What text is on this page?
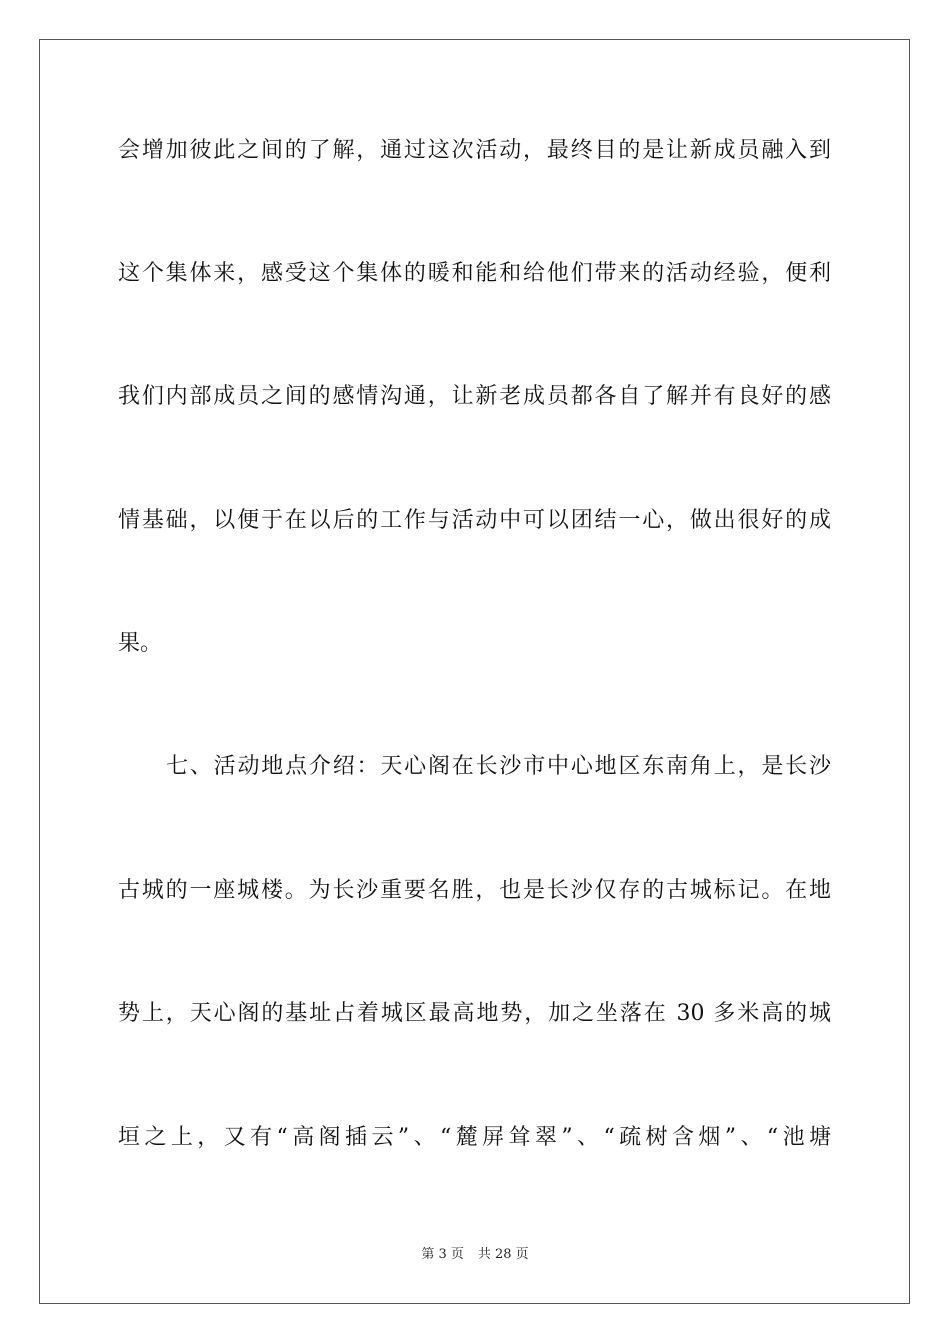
会增加彼此之间的了解，通过这次活动，最终目的是让新成员融入到
这个集体来，感受这个集体的暖和能和给他们带来的活动经验，便利
我们内部成员之间的感情沟通，让新老成员都各自了解并有良好的感
情基础，以便于在以后的工作与活动中可以团结一心，做出很好的成
果。
七、活动地点介绍：天心阁在长沙市中心地区东南角上，是长沙
古城的一座城楼。为长沙重要名胜，也是长沙仅存的古城标记。在地
势上，天心阁的基址占着城区最高地势，加之坐落在 30 多米高的城
垣之上，又有“高阁插云”、“麓屏耸翠”、“疏树含烟”、“池塘
第 3 页 共 28 页
